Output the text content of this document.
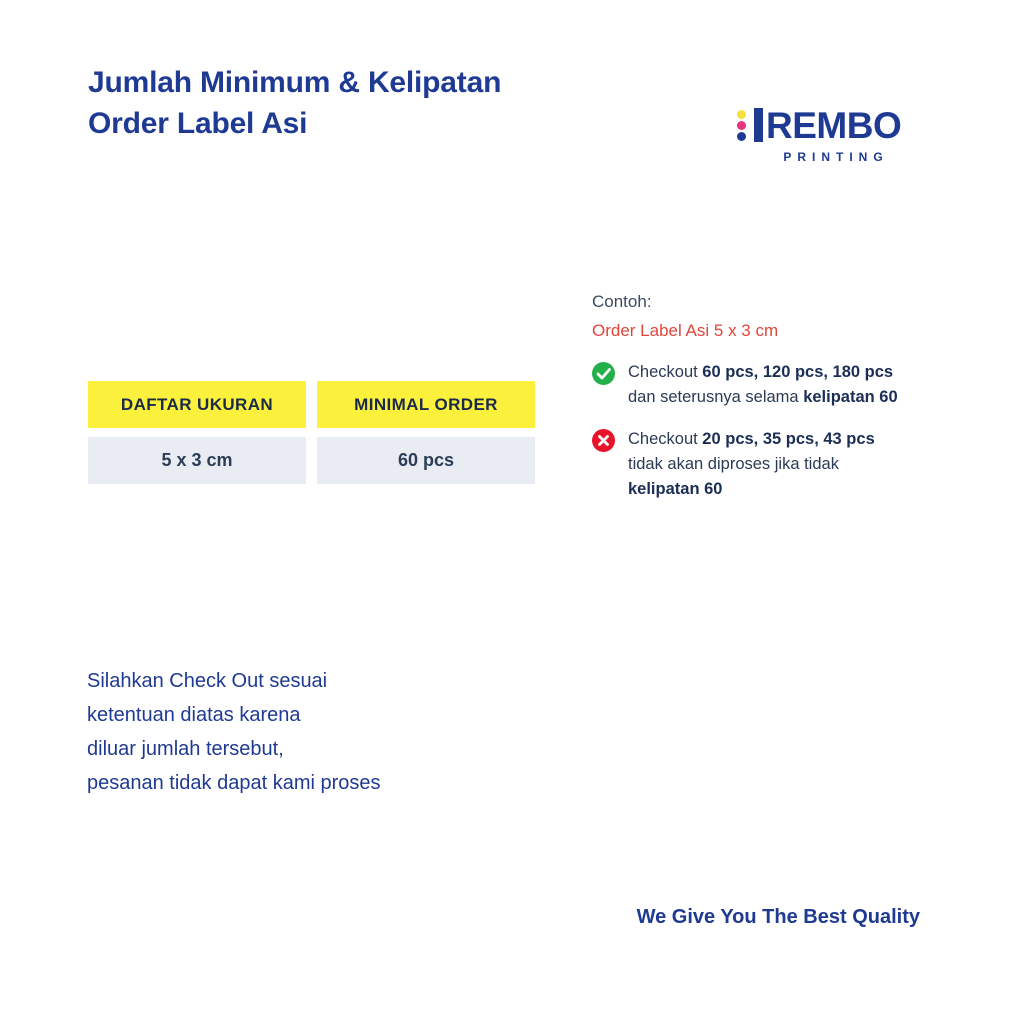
Jumlah Minimum & Kelipatan
Order Label Asi	REMBO
PRINTING
DAFTAR UKURAN
5 x 3 cm
MINIMAL ORDER
60 pcs
Contoh:
Order Label Asi 5 x 3 cm
Checkout 60 pcs, 120 pcs, 180 pcs
dan seterusnya selama kelipatan 60
Checkout 20 pcs, 35 pcs, 43 pcs
tidak akan diproses jika tidak
kelipatan 60
Silahkan Check Out sesuai
ketentuan diatas karena
diluar jumlah tersebut,
pesanan tidak dapat kami proses
We Give You The Best Quality
